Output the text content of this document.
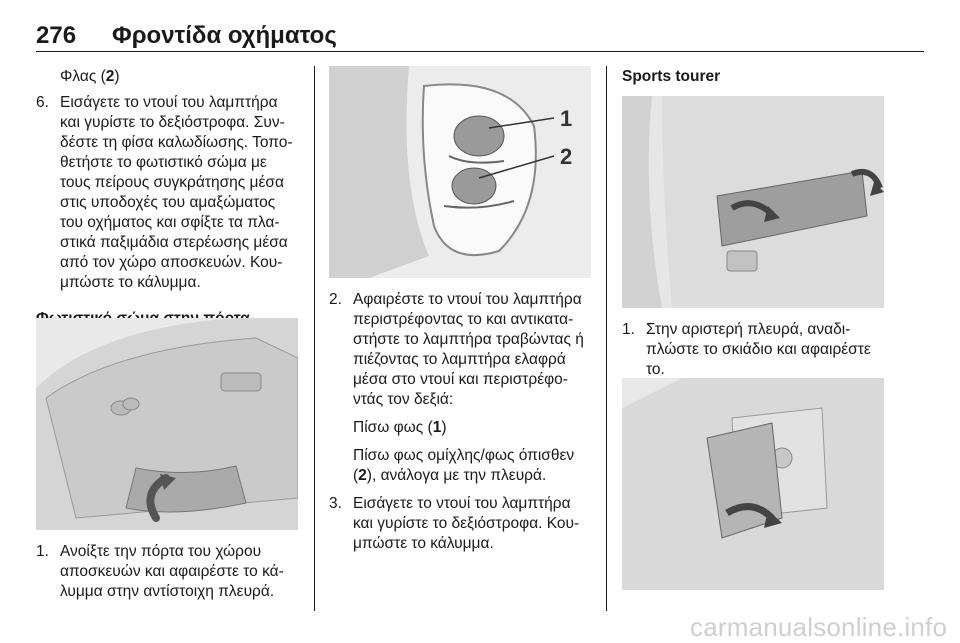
276 Φροντίδα οχήματος

Φλας (2)

6. Εισάγετε το ντουί του λαμπτήρα

και γυρίστε το δεξιόστροφα. Συν-

δέστε τη φίσα καλωδίωσης. Τοπο-

θετήστε το φωτιστικό σώμα με

τους πείρους συγκράτησης μέσα

στις υποδοχές του αμαξώματος

του οχήματος και σφίξτε τα πλα-

στικά παξιμάδια στερέωσης μέσα

από τον χώρο αποσκευών. Κου-

μπώστε το κάλυμμα.

1. Ανοίξτε την πόρτα του χώρου

αποσκευών και αφαιρέστε το κά-

λυμμα στην αντίστοιχη πλευρά.

1
2
2. Αφαιρέστε το ντουί του λαμπτήρα

περιστρέφοντας το και αντικατα-

στήστε το λαμπτήρα τραβώντας ή

πιέζοντας το λαμπτήρα ελαφρά

μέσα στο ντουί και περιστρέφο-

ντάς τον δεξιά:

Πίσω φως (1)

Πίσω φως ομίχλης/φως όπισθεν

(2), ανάλογα με την πλευρά.

3. Εισάγετε το ντουί του λαμπτήρα

και γυρίστε το δεξιόστροφα. Κου-

μπώστε το κάλυμμα.

Sports tourer

1. Στην αριστερή πλευρά, αναδι-

πλώστε το σκιάδιο και αφαιρέστε

το.

carmanualsonline.info
